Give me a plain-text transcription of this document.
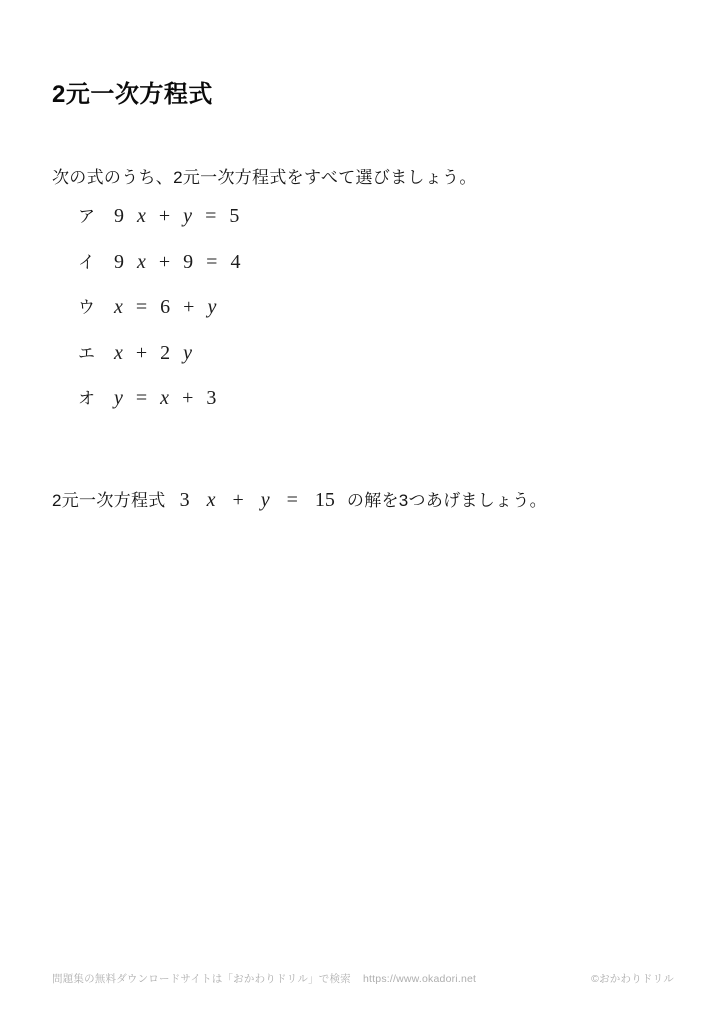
2元一次方程式

次の式のうち、2元一次方程式をすべて選びましょう。

ア 9 x + y = 5
イ 9 x + 9 = 4
ウ x = 6 + y
エ x + 2 y
オ y = x + 3

2元一次方程式 3 x + y = 15 の解を3つあげましょう。

問題集の無料ダウンロードサイトは「おかわりドリル」で検索 https://www.okadori.net	©おかわりドリル
